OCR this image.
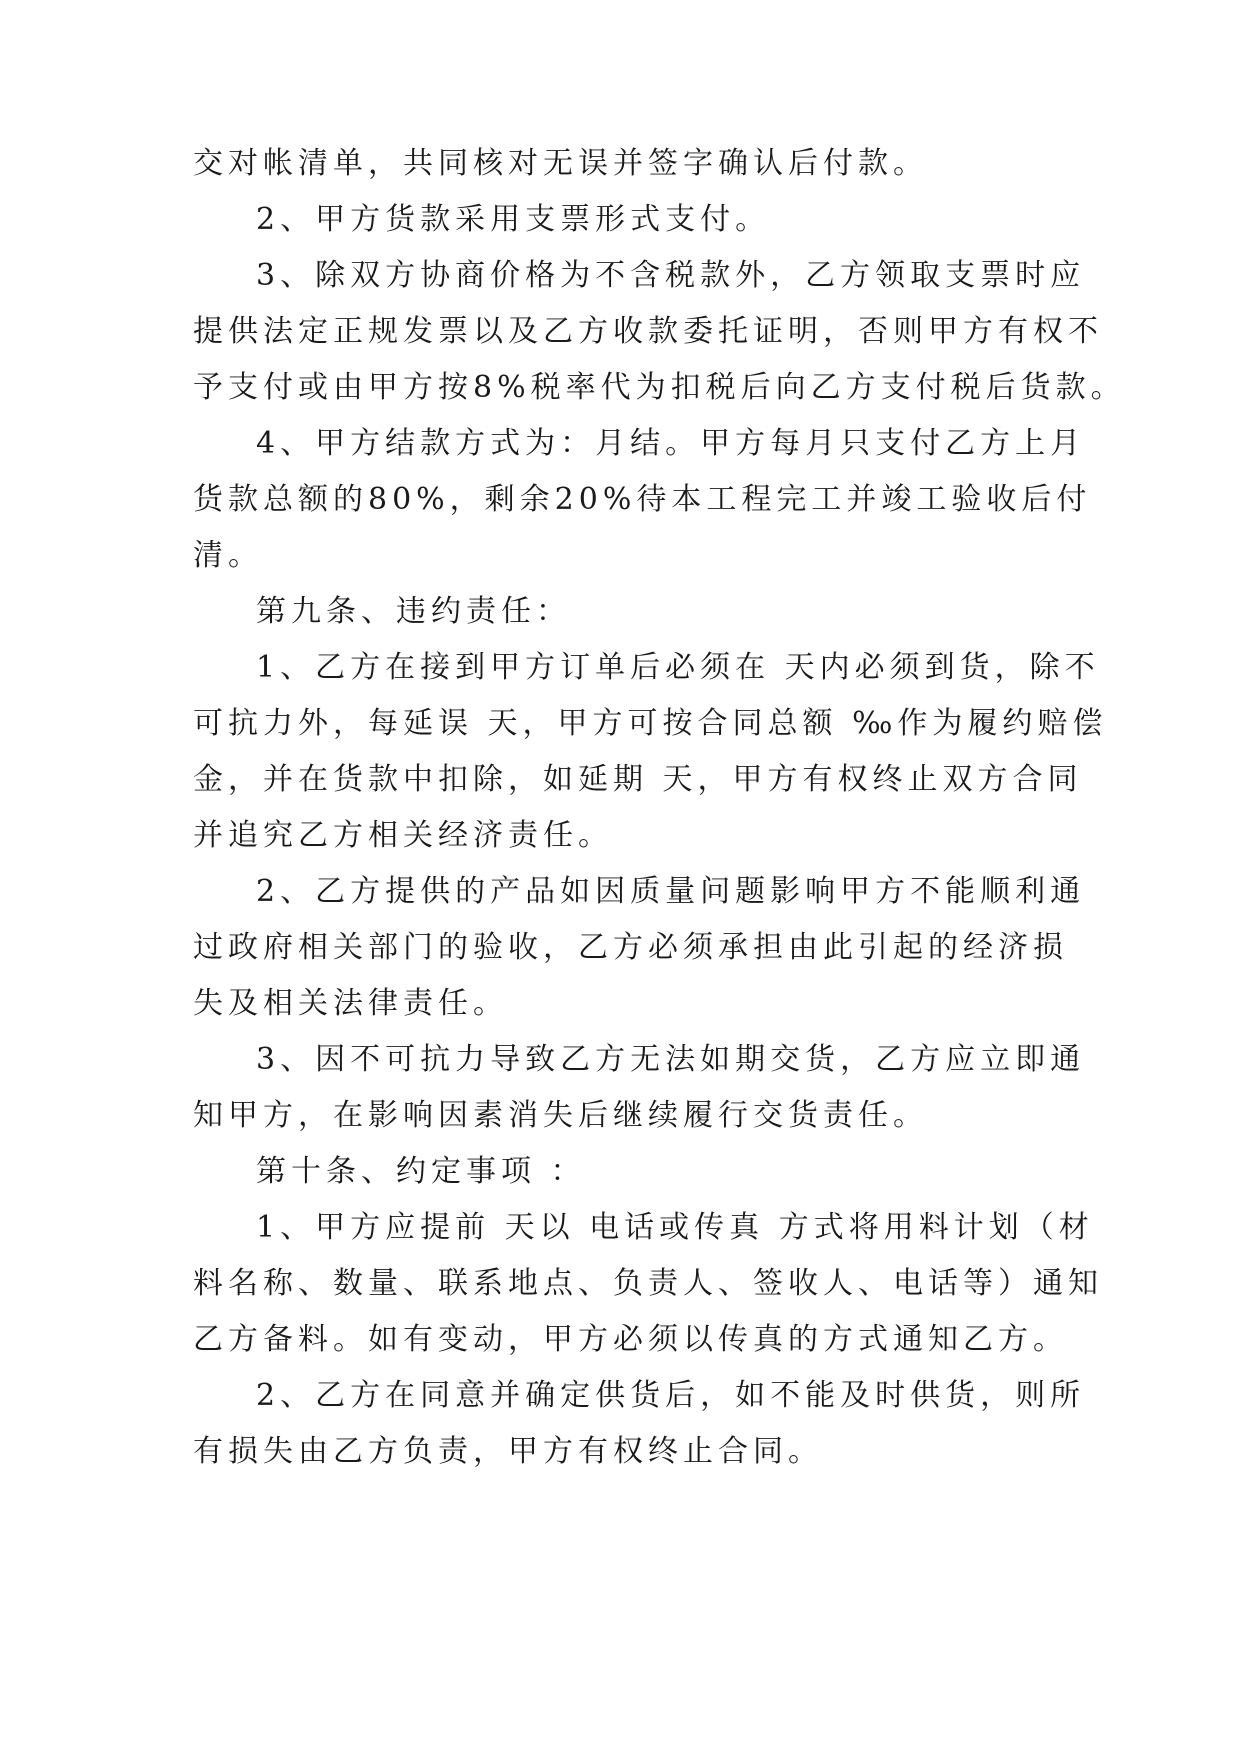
交对帐清单，共同核对无误并签字确认后付款。

2、甲方货款采用支票形式支付。

3、除双方协商价格为不含税款外，乙方领取支票时应

提供法定正规发票以及乙方收款委托证明，否则甲方有权不

予支付或由甲方按8%税率代为扣税后向乙方支付税后货款。

4、甲方结款方式为：月结。甲方每月只支付乙方上月

货款总额的80%，剩余20%待本工程完工并竣工验收后付

清。

第九条、违约责任：

1、乙方在接到甲方订单后必须在 天内必须到货，除不

可抗力外，每延误 天，甲方可按合同总额 ‰作为履约赔偿

金，并在货款中扣除，如延期 天，甲方有权终止双方合同

并追究乙方相关经济责任。

2、乙方提供的产品如因质量问题影响甲方不能顺利通

过政府相关部门的验收，乙方必须承担由此引起的经济损

失及相关法律责任。

3、因不可抗力导致乙方无法如期交货，乙方应立即通

知甲方，在影响因素消失后继续履行交货责任。

第十条、约定事项 ：

1、甲方应提前 天以 电话或传真 方式将用料计划（材

料名称、数量、联系地点、负责人、签收人、电话等）通知

乙方备料。如有变动，甲方必须以传真的方式通知乙方。

2、乙方在同意并确定供货后，如不能及时供货，则所

有损失由乙方负责，甲方有权终止合同。
